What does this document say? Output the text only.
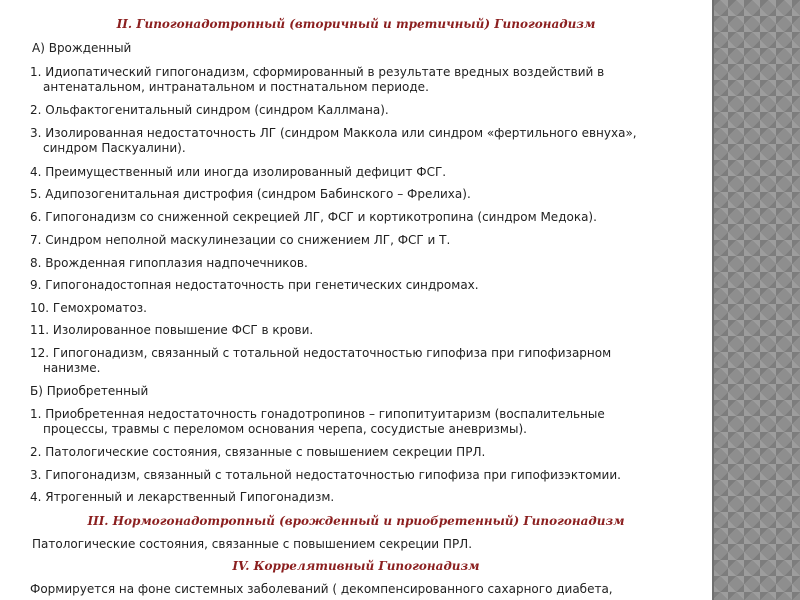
II. Гипогонадотропный (вторичный и третичный) Гипогонадизм
А) Врожденный
1. Идиопатический гипогонадизм, сформированный в результате вредных воздействий в
антенатальном, интранатальном и постнатальном периоде.
2. Ольфактогенитальный синдром (синдром Каллмана).
3. Изолированная недостаточность ЛГ (синдром Маккола или синдром «фертильного евнуха»,
синдром Паскуалини).
4. Преимущественный или иногда изолированный дефицит ФСГ.
5. Адипозогенитальная дистрофия (синдром Бабинского – Фрелиха).
6. Гипогонадизм со сниженной секрецией ЛГ, ФСГ и кортикотропина (синдром Медока).
7. Синдром неполной маскулинезации со снижением ЛГ, ФСГ и Т.
8. Врожденная гипоплазия надпочечников.
9. Гипогонадостопная недостаточность при генетических синдромах.
10. Гемохроматоз.
11. Изолированное повышение ФСГ в крови.
12. Гипогонадизм, связанный с тотальной недостаточностью гипофиза при гипофизарном
нанизме.
Б) Приобретенный
1. Приобретенная недостаточность гонадотропинов – гипопитуитаризм (воспалительные
процессы, травмы с переломом основания черепа, сосудистые аневризмы).
2. Патологические состояния, связанные с повышением секреции ПРЛ.
3. Гипогонадизм, связанный с тотальной недостаточностью гипофиза при гипофизэктомии.
4. Ятрогенный и лекарственный Гипогонадизм.
III. Нормогонадотропный (врожденный и приобретенный) Гипогонадизм
Патологические состояния, связанные с повышением секреции ПРЛ.
IV. Коррелятивный Гипогонадизм
Формируется на фоне системных заболеваний ( декомпенсированного сахарного диабета,
